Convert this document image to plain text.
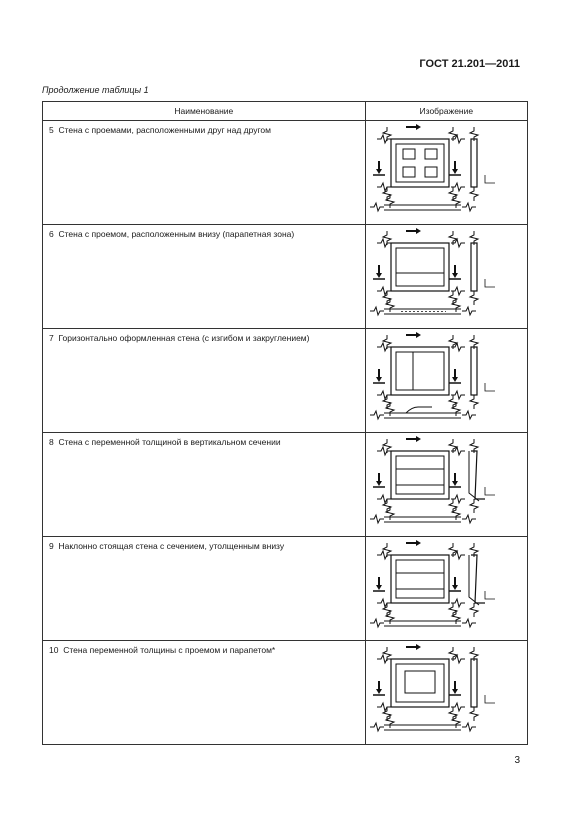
ГОСТ 21.201—2011
Продолжение таблицы 1
Наименование	Изображение
5 Стена с проемами, расположенными друг над другом	

6 Стена с проемом, расположенным внизу (парапетная зона)	

7 Горизонтально оформленная стена (с изгибом и закруглением)	

8 Стена с переменной толщиной в вертикальном сечении	

9 Наклонно стоящая стена с сечением, утолщенным внизу	

10 Стена переменной толщины с проемом и парапетом*	
3
